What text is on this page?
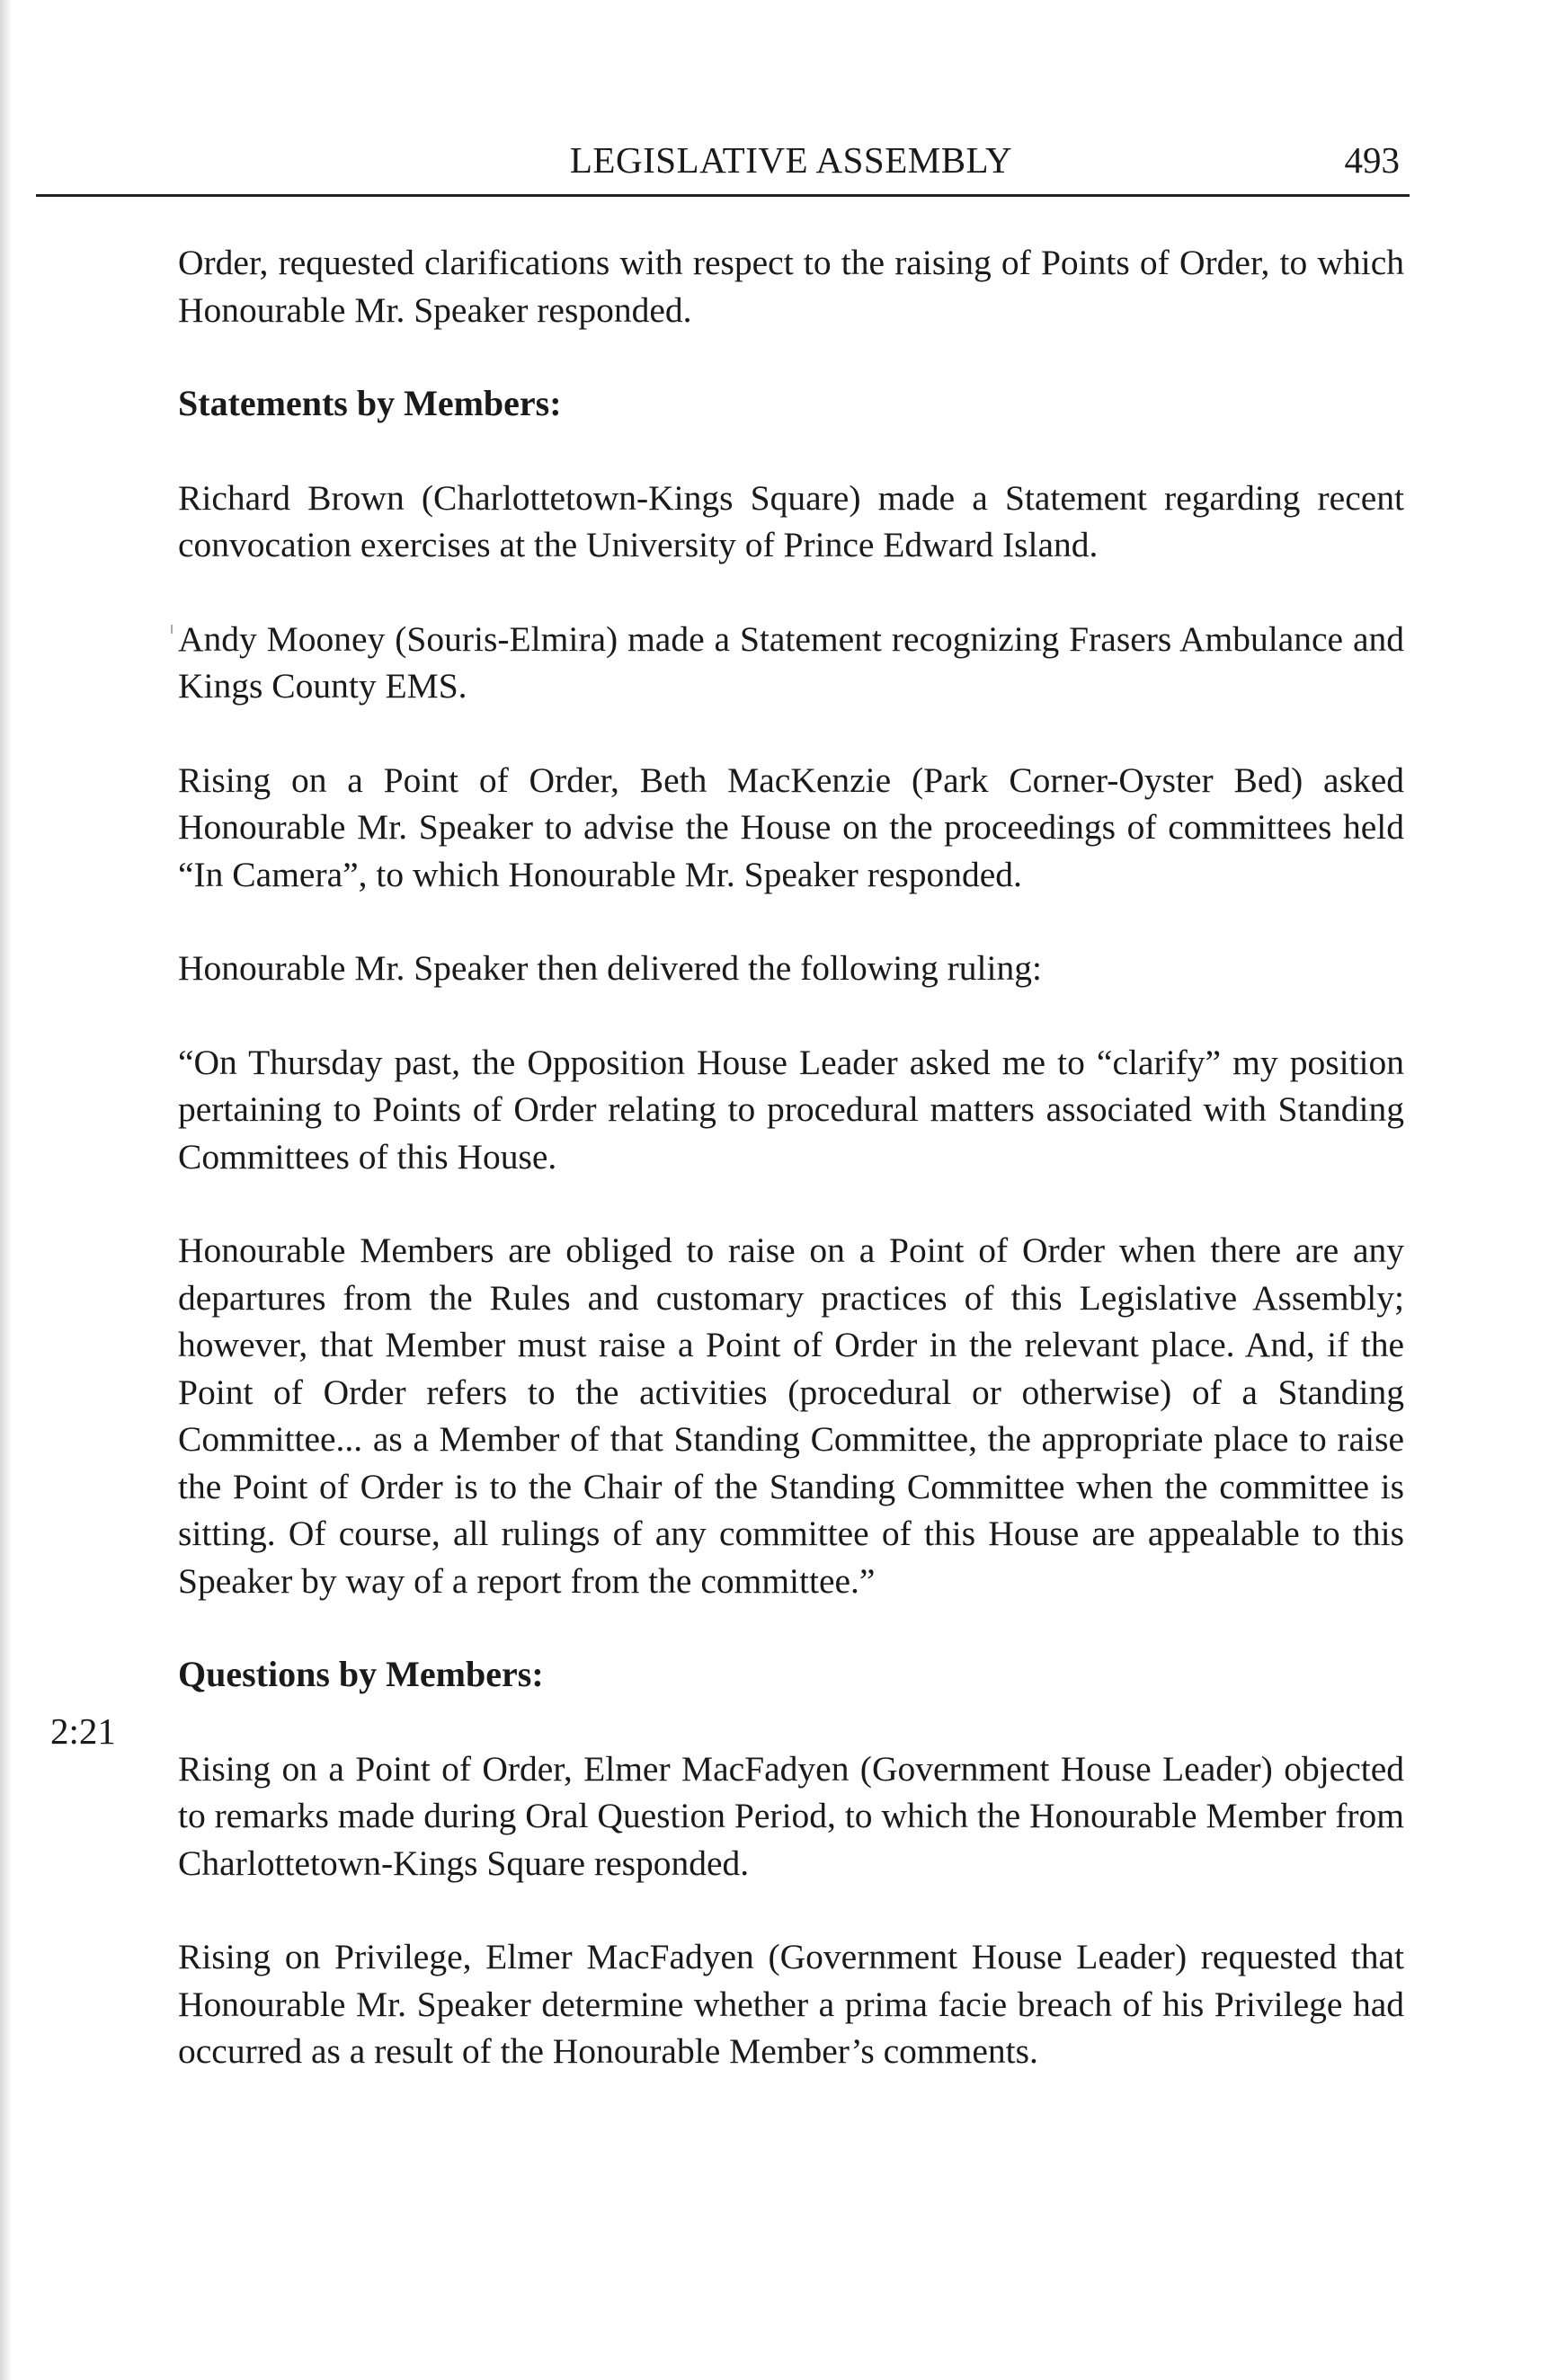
LEGISLATIVE ASSEMBLY	493
2:21

Order, requested clarifications with respect to the raising of Points of Order, to which Honourable Mr. Speaker responded.

Statements by Members:

Richard Brown (Charlottetown-Kings Square) made a Statement regarding recent convocation exercises at the University of Prince Edward Island.

Andy Mooney (Souris-Elmira) made a Statement recognizing Frasers Ambulance and Kings County EMS.

Rising on a Point of Order, Beth MacKenzie (Park Corner-Oyster Bed) asked Honourable Mr. Speaker to advise the House on the proceedings of committees held “In Camera”, to which Honourable Mr. Speaker responded.

Honourable Mr. Speaker then delivered the following ruling:

“On Thursday past, the Opposition House Leader asked me to “clarify” my position pertaining to Points of Order relating to procedural matters associated with Standing Committees of this House.

Honourable Members are obliged to raise on a Point of Order when there are any departures from the Rules and customary practices of this Legislative Assembly; however, that Member must raise a Point of Order in the relevant place. And, if the Point of Order refers to the activities (procedural or otherwise) of a Standing Committee... as a Member of that Standing Committee, the appropriate place to raise the Point of Order is to the Chair of the Standing Committee when the committee is sitting. Of course, all rulings of any committee of this House are appealable to this Speaker by way of a report from the committee.”

Questions by Members:

Rising on a Point of Order, Elmer MacFadyen (Government House Leader) objected to remarks made during Oral Question Period, to which the Honourable Member from Charlottetown-Kings Square responded.

Rising on Privilege, Elmer MacFadyen (Government House Leader) requested that Honourable Mr. Speaker determine whether a prima facie breach of his Privilege had occurred as a result of the Honourable Member’s comments.
